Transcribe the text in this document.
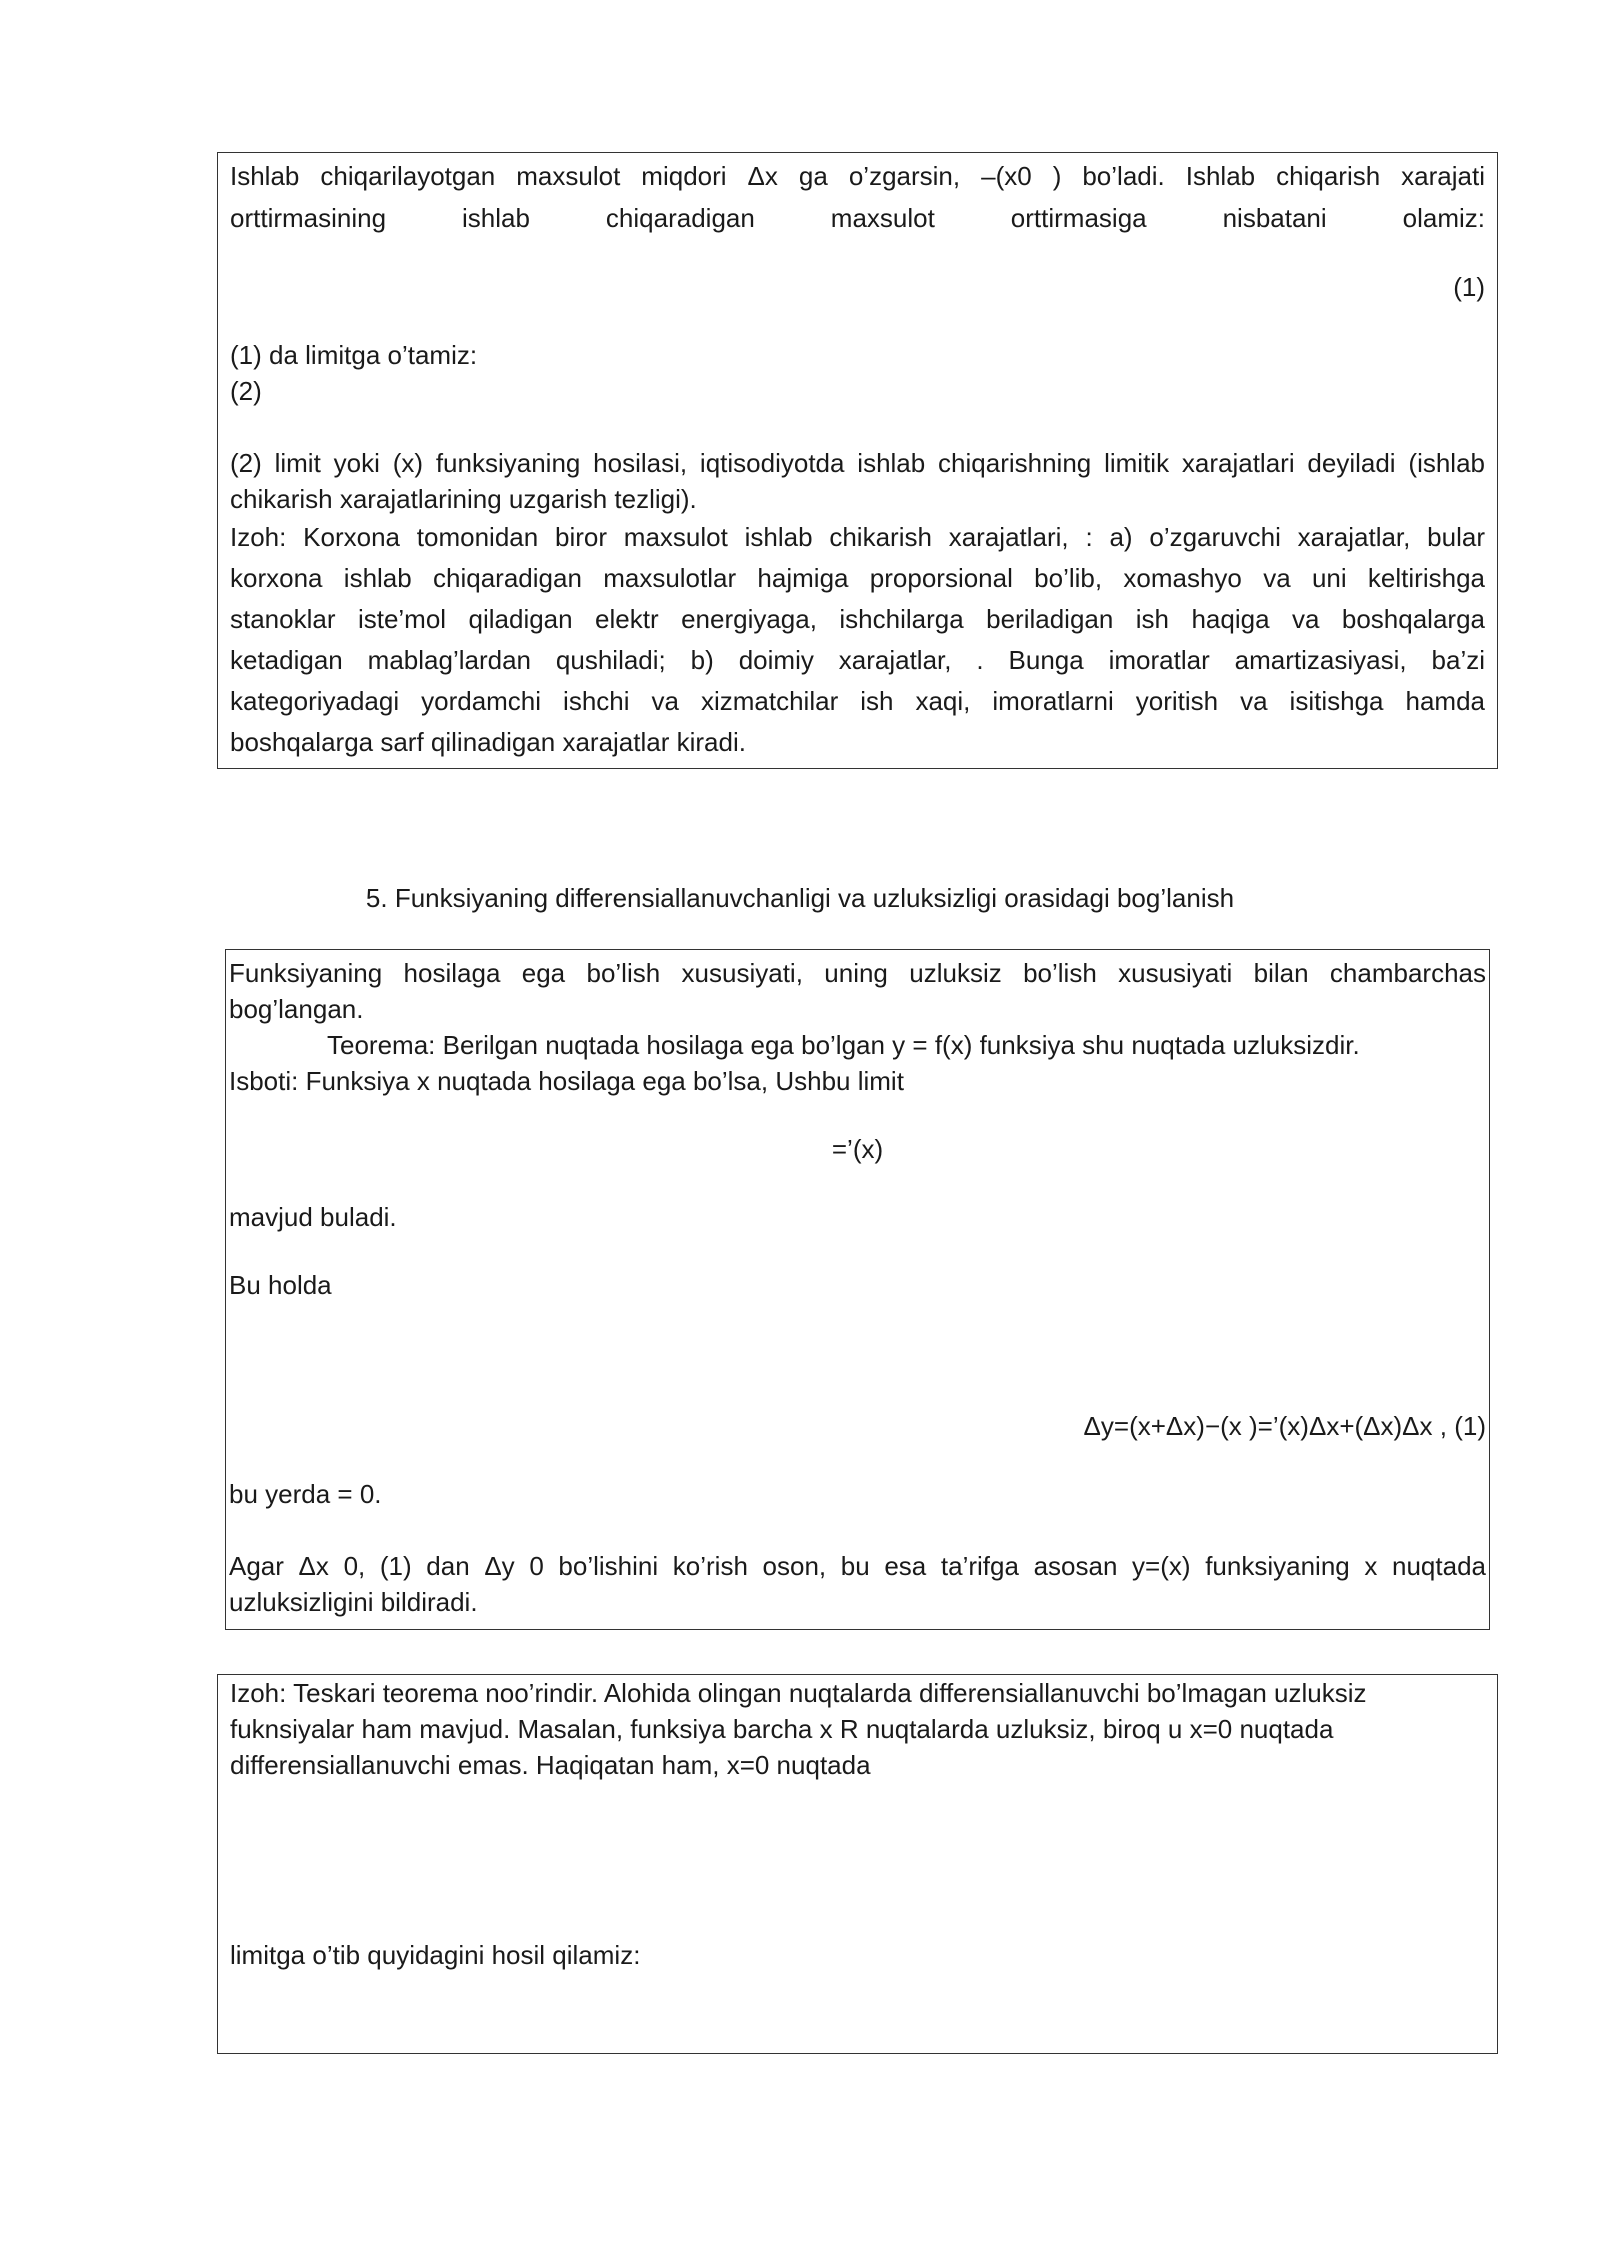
Ishlab chiqarilayotgan maxsulot miqdori Δx ga o’zgarsin, –(x0 ) bo’ladi. Ishlab chiqarish xarajati
orttirmasining ishlab chiqaradigan maxsulot orttirmasiga nisbatani olamiz:
(1)
(1) da limitga o’tamiz:
(2)
(2) limit yoki (x) funksiyaning hosilasi, iqtisodiyotda ishlab chiqarishning limitik xarajatlari deyiladi (ishlab chikarish xarajatlarining uzgarish tezligi).
Izoh: Korxona tomonidan biror maxsulot ishlab chikarish xarajatlari, : a) o’zgaruvchi xarajatlar, bular
korxona ishlab chiqaradigan maxsulotlar hajmiga proporsional bo’lib, xomashyo va uni keltirishga
stanoklar iste’mol qiladigan elektr energiyaga, ishchilarga beriladigan ish haqiga va boshqalarga
ketadigan mablag’lardan qushiladi; b) doimiy xarajatlar, . Bunga imoratlar amartizasiyasi, ba’zi
kategoriyadagi yordamchi ishchi va xizmatchilar ish xaqi, imoratlarni yoritish va isitishga hamda
boshqalarga sarf qilinadigan xarajatlar kiradi.
5. Funksiyaning differensiallanuvchanligi va uzluksizligi orasidagi bog’lanish
Funksiyaning hosilaga ega bo’lish xususiyati, uning uzluksiz bo’lish xususiyati bilan chambarchas bog’langan.
Teorema: Berilgan nuqtada hosilaga ega bo’lgan y = f(x) funksiya shu nuqtada uzluksizdir.
Isboti: Funksiya x nuqtada hosilaga ega bo’lsa, Ushbu limit
=’(x)
mavjud buladi.
Bu holda
Δy=(x+Δx)−(x )=’(x)Δx+(Δx)Δx , (1)
bu yerda = 0.
Agar Δx 0, (1) dan Δy 0 bo’lishini ko’rish oson, bu esa ta’rifga asosan y=(x) funksiyaning x nuqtada uzluksizligini bildiradi.
Izoh: Teskari teorema noo’rindir. Alohida olingan nuqtalarda differensiallanuvchi bo’lmagan uzluksiz
fuknsiyalar ham mavjud. Masalan, funksiya barcha x R nuqtalarda uzluksiz, biroq u x=0 nuqtada
differensiallanuvchi emas. Haqiqatan ham, x=0 nuqtada
limitga o’tib quyidagini hosil qilamiz:
